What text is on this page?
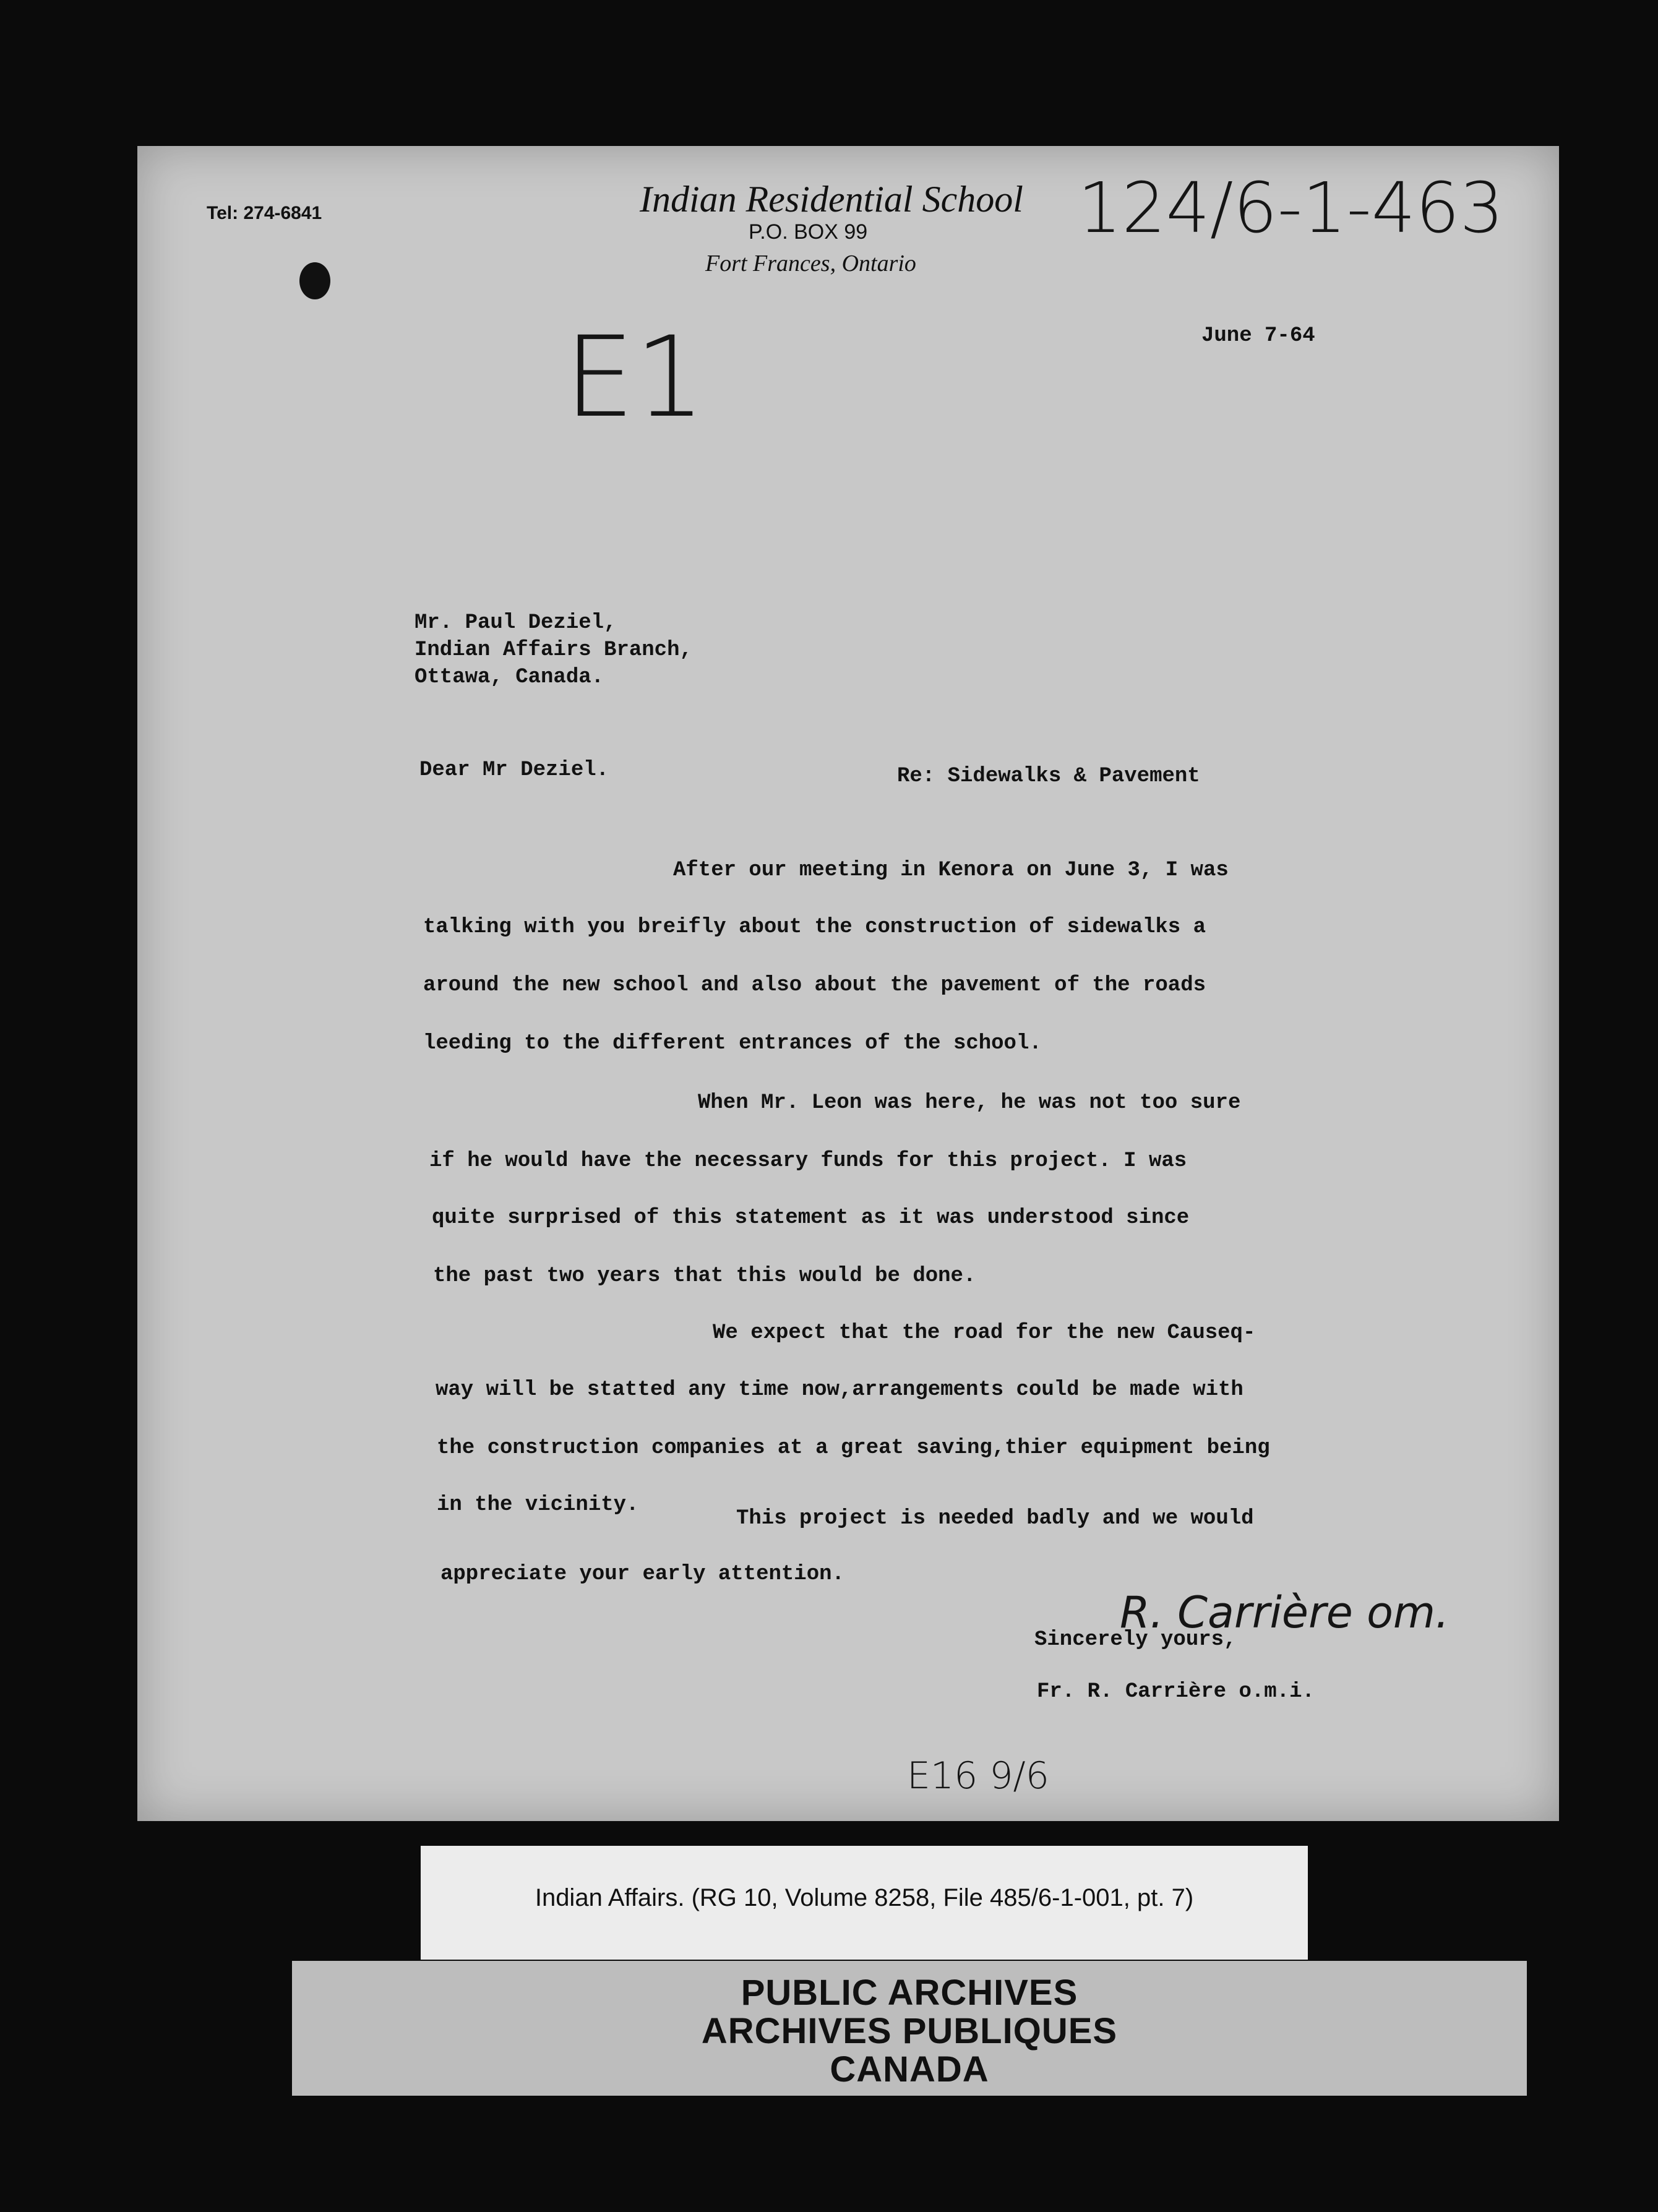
Tel: 274-6841	Indian Residential School
P.O. BOX 99
Fort Frances, Ontario
124/6-1-463
E1	June 7-64
Mr. Paul Deziel,
Indian Affairs Branch,
Ottawa, Canada.
Dear Mr Deziel.	Re: Sidewalks & Pavement
After our meeting in Kenora on June 3, I was
talking with you breifly about the construction of sidewalks a
around the new school and also about the pavement of the roads
leeding to the different entrances of the school.
When Mr. Leon was here, he was not too sure
if he would have the necessary funds for this project. I was
quite surprised of this statement as it was understood since
the past two years that this would be done.
We expect that the road for the new Causeq-
way will be statted any time now,arrangements could be made with
the construction companies at a great saving,thier equipment being
in the vicinity.
This project is needed badly and we would
appreciate your early attention.
Sincerely yours,
R. Carrière om.
Fr. R. Carrière o.m.i.
E16 9/6
Indian Affairs. (RG 10, Volume 8258, File 485/6-1-001, pt. 7)
PUBLIC ARCHIVES
ARCHIVES PUBLIQUES
CANADA
